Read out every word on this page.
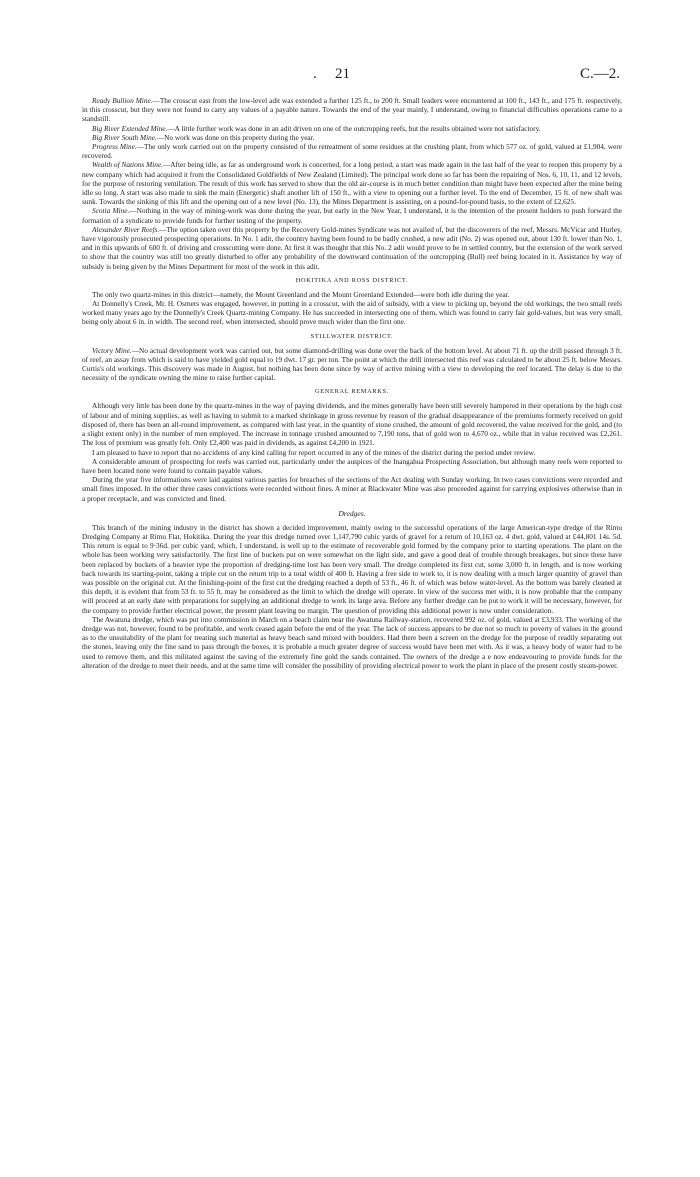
. 21	C.—2.

Ready Bullion Mine.—The crosscut east from the low-level adit was extended a further 125 ft., to 200 ft. Small leaders were encountered at 100 ft., 143 ft., and 175 ft. respectively, in this crosscut, but they were not found to carry any values of a payable nature. Towards the end of the year mainly, I understand, owing to financial difficulties operations came to a standstill.

Big River Extended Mine.—A little further work was done in an adit driven on one of the outcropping reefs, but the results obtained were not satisfactory.

Big River South Mine.—No work was done on this property during the year.

Progress Mine.—The only work carried out on the property consisted of the retreatment of some residues at the crushing plant, from which 577 oz. of gold, valued at £1,904, were recovered.

Wealth of Nations Mine.—After being idle, as far as underground work is concerned, for a long period, a start was made again in the last half of the year to reopen this property by a new company which had acquired it from the Consolidated Goldfields of New Zealand (Limited). The principal work done so far has been the repairing of Nos. 6, 10, 11, and 12 levels, for the purpose of restoring ventilation. The result of this work has served to show that the old air-course is in much better condition than might have been expected after the mine being idle so long. A start was also made to sink the main (Energetic) shaft another lift of 150 ft., with a view to opening out a further level. To the end of December, 15 ft. of new shaft was sunk. Towards the sinking of this lift and the opening out of a new level (No. 13), the Mines Department is assisting, on a pound-for-pound basis, to the extent of £2,625.

Scotia Mine.—Nothing in the way of mining-work was done during the year, but early in the New Year, I understand, it is the intention of the present holders to push forward the formation of a syndicate to provide funds for further testing of the property.

Alexander River Reefs.—The option taken over this property by the Recovery Gold-mines Syndicate was not availed of, but the discoverers of the reef, Messrs. McVicar and Hurley, have vigorously prosecuted prospecting operations. In No. 1 adit, the country having been found to be badly crushed, a new adit (No. 2) was opened out, about 130 ft. lower than No. 1, and in this upwards of 600 ft. of driving and crosscutting were done. At first it was thought that this No. 2 adit would prove to be in settled country, but the extension of the work served to show that the country was still too greatly disturbed to offer any probability of the downward continuation of the outcropping (Bull) reef being located in it. Assistance by way of subsidy is being given by the Mines Department for most of the work in this adit.

HOKITIKA AND ROSS DISTRICT.

The only two quartz-mines in this district—namely, the Mount Greenland and the Mount Greenland Extended—were both idle during the year.

At Donnelly's Creek, Mr. H. Osmers was engaged, however, in putting in a crosscut, with the aid of subsidy, with a view to picking up, beyond the old workings, the two small reefs worked many years ago by the Donnelly's Creek Quartz-mining Company. He has succeeded in intersecting one of them, which was found to carry fair gold-values, but was very small, being only about 6 in. in width. The second reef, when intersected, should prove much wider than the first one.

STILLWATER DISTRICT.

Victory Mine.—No actual development work was carried out, but some diamond-drilling was done over the back of the bottom level. At about 71 ft. up the drill passed through 3 ft. of reef, an assay from which is said to have yielded gold equal to 19 dwt. 17 gr. per ton. The point at which the drill intersected this reef was calculated to be about 25 ft. below Messrs. Curtis's old workings. This discovery was made in August, but nothing has been done since by way of active mining with a view to developing the reef located. The delay is due to the necessity of the syndicate owning the mine to raise further capital.

GENERAL REMARKS.

Although very little has been done by the quartz-mines in the way of paying dividends, and the mines generally have been still severely hampered in their operations by the high cost of labour and of mining supplies, as well as having to submit to a marked shrinkage in gross revenue by reason of the gradual disappearance of the premiums formerly received on gold disposed of, there has been an all-round improvement, as compared with last year, in the quantity of stone crushed, the amount of gold recovered, the value received for the gold, and (to a slight extent only) in the number of men employed. The increase in tonnage crushed amounted to 7,190 tons, that of gold won to 4,670 oz., while that in value received was £2,261. The loss of premium was greatly felt. Only £2,400 was paid in dividends, as against £4,200 in 1921.

I am pleased to have to report that no accidents of any kind calling for report occurred in any of the mines of the district during the period under review.

A considerable amount of prospecting for reefs was carried out, particularly under the auspices of the Inangahua Prospecting Association, but although many reefs were reported to have been located none were found to contain payable values.

During the year five informations were laid against various parties for breaches of the sections of the Act dealing with Sunday working. In two cases convictions were recorded and small fines imposed. In the other three cases convictions were recorded without fines. A miner at Blackwater Mine was also proceeded against for carrying explosives otherwise than in a proper receptacle, and was convicted and fined.

Dredges.

This branch of the mining industry in the district has shown a decided improvement, mainly owing to the successful operations of the large American-type dredge of the Rimu Dredging Company at Rimu Flat, Hokitika. During the year this dredge turned over 1,147,790 cubic yards of gravel for a return of 10,163 oz. 4 dwt. gold, valued at £44,801 14s. 5d. This return is equal to 9·36d. per cubic yard, which, I understand, is well up to the estimate of recoverable gold formed by the company prior to starting operations. The plant on the whole has been working very satisfactorily. The first line of buckets put on were somewhat on the light side, and gave a good deal of trouble through breakages, but since these have been replaced by buckets of a heavier type the proportion of dredging-time lost has been very small. The dredge completed its first cut, some 3,000 ft. in length, and is now working back towards its starting-point, taking a triple cut on the return trip to a total width of 400 ft. Having a free side to work to, it is now dealing with a much larger quantity of gravel than was possible on the original cut. At the finishing-point of the first cut the dredging reached a depth of 53 ft., 46 ft. of which was below water-level. As the bottom was barely cleaned at this depth, it is evident that from 53 ft. to 55 ft. may be considered as the limit to which the dredge will operate. In view of the success met with, it is now probable that the company will proceed at an early date with preparations for supplying an additional dredge to work its large area. Before any further dredge can be put to work it will be necessary, however, for the company to provide further electrical power, the present plant leaving no margin. The question of providing this additional power is now under consideration.

The Awatuna dredge, which was put into commission in March on a beach claim near the Awatuna Railway-station, recovered 992 oz. of gold, valued at £3,933. The working of the dredge was not, however, found to be profitable, and work ceased again before the end of the year. The lack of success appears to be due not so much to poverty of values in the ground as to the unsuitability of the plant for treating such material as heavy beach sand mixed with boulders. Had there been a screen on the dredge for the purpose of readily separating out the stones, leaving only the fine sand to pass through the boxes, it is probable a much greater degree of success would have been met with. As it was, a heavy body of water had to be used to remove them, and this militated against the saving of the extremely fine gold the sands contained. The owners of the dredge a e now endeavouring to provide funds for the alteration of the dredge to meet their needs, and at the same time will consider the possibility of providing electrical power to work the plant in place of the present costly steam-power.
